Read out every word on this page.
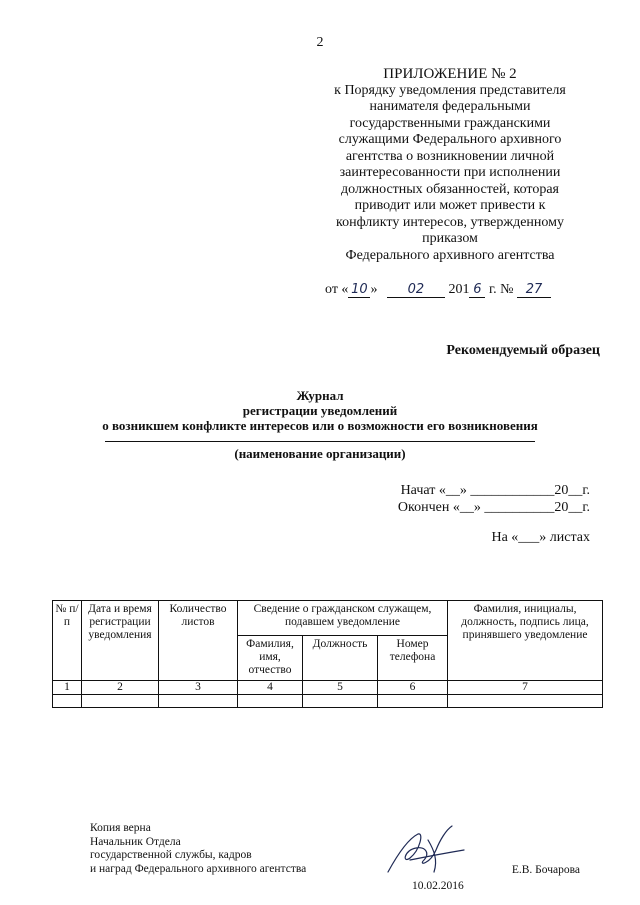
2
ПРИЛОЖЕНИЕ № 2
к Порядку уведомления представителя
нанимателя федеральными
государственными гражданскими
служащими Федерального архивного
агентства о возникновении личной
заинтересованности при исполнении
должностных обязанностей, которая
приводит или может привести к
конфликту интересов, утвержденному
приказом
Федерального архивного агентства
от « 10 » 02 201 6 г. № 27
Рекомендуемый образец
Журнал
регистрации уведомлений
о возникшем конфликте интересов или о возможности его возникновения
(наименование организации)
Начат «__» ____________20__г.
Окончен «__» __________20__г.
На «___» листах
№ п/п	Дата и время регистрации уведомления	Количество листов	Сведение о гражданском служащем, подавшем уведомление			Фамилия, инициалы, должность, подпись лица, принявшего уведомление
			Фамилия, имя, отчество	Должность	Номер телефона	
1	2	3	4	5	6	7

Копия верна
Начальник Отдела
государственной службы, кадров
и наград Федерального архивного агентства	Е.В. Бочарова
10.02.2016
